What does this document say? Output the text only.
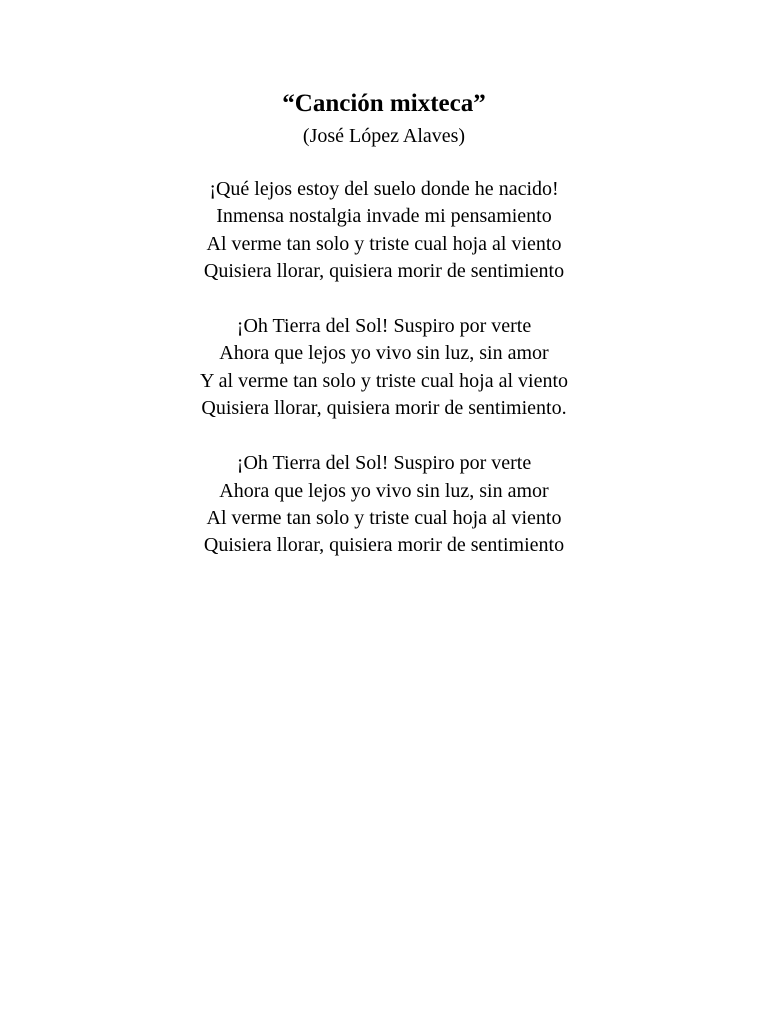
“Canción mixteca”

(José López Alaves)

¡Qué lejos estoy del suelo donde he nacido!
Inmensa nostalgia invade mi pensamiento
Al verme tan solo y triste cual hoja al viento
Quisiera llorar, quisiera morir de sentimiento
¡Oh Tierra del Sol! Suspiro por verte
Ahora que lejos yo vivo sin luz, sin amor
Y al verme tan solo y triste cual hoja al viento
Quisiera llorar, quisiera morir de sentimiento.
¡Oh Tierra del Sol! Suspiro por verte
Ahora que lejos yo vivo sin luz, sin amor
Al verme tan solo y triste cual hoja al viento
Quisiera llorar, quisiera morir de sentimiento
